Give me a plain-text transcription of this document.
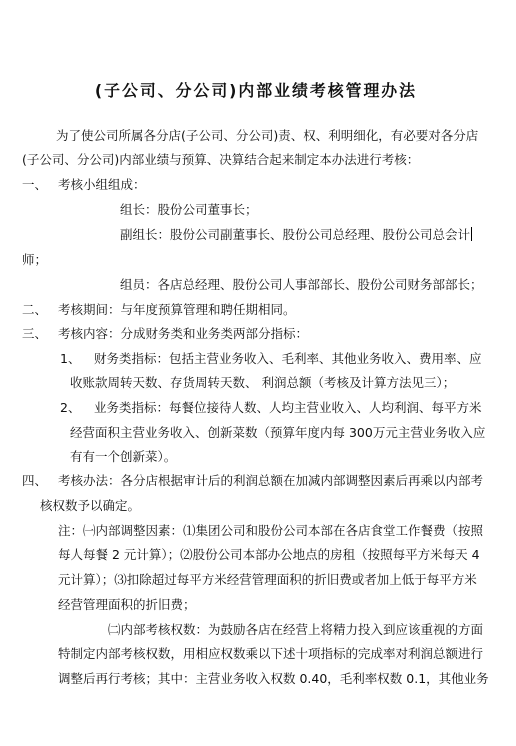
(子公司、分公司)内部业绩考核管理办法
为了使公司所属各分店(子公司、分公司)责、权、利明细化，有必要对各分店
(子公司、分公司)内部业绩与预算、决算结合起来制定本办法进行考核：
一、 考核小组组成：
组长：股份公司董事长；
副组长：股份公司副董事长、股份公司总经理、股份公司总会计
师；
组员：各店总经理、股份公司人事部部长、股份公司财务部部长；
二、 考核期间：与年度预算管理和聘任期相同。
三、 考核内容：分成财务类和业务类两部分指标：
1、 财务类指标：包括主营业务收入、毛利率、其他业务收入、费用率、应
收账款周转天数、存货周转天数、 利润总额（考核及计算方法见三）；
2、 业务类指标：每餐位接待人数、人均主营业收入、人均利润、每平方米
经营面积主营业务收入、创新菜数（预算年度内每 300万元主营业务收入应
有有一个创新菜）。
四、 考核办法：各分店根据审计后的利润总额在加减内部调整因素后再乘以内部考
核权数予以确定。
注：㈠内部调整因素：⑴集团公司和股份公司本部在各店食堂工作餐费（按照
每人每餐 2 元计算）；⑵股份公司本部办公地点的房租（按照每平方米每天 4
元计算）；⑶扣除超过每平方米经营管理面积的折旧费或者加上低于每平方米
经营管理面积的折旧费；
㈡内部考核权数：为鼓励各店在经营上将精力投入到应该重视的方面
特制定内部考核权数，用相应权数乘以下述十项指标的完成率对利润总额进行
调整后再行考核；其中：主营业务收入权数 0.40，毛利率权数 0.1，其他业务
